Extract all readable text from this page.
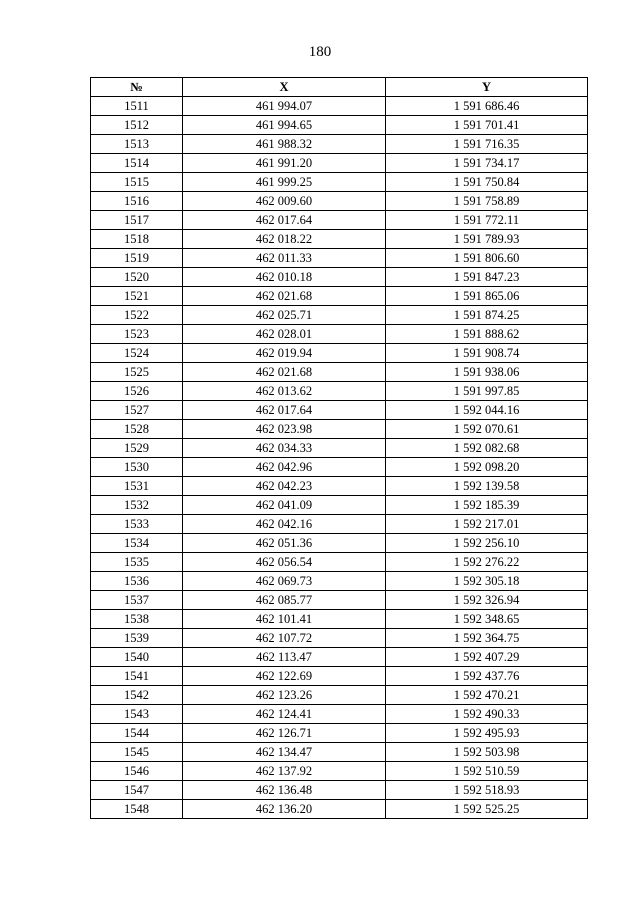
180
№	X	Y
1511	461 994.07	1 591 686.46
1512	461 994.65	1 591 701.41
1513	461 988.32	1 591 716.35
1514	461 991.20	1 591 734.17
1515	461 999.25	1 591 750.84
1516	462 009.60	1 591 758.89
1517	462 017.64	1 591 772.11
1518	462 018.22	1 591 789.93
1519	462 011.33	1 591 806.60
1520	462 010.18	1 591 847.23
1521	462 021.68	1 591 865.06
1522	462 025.71	1 591 874.25
1523	462 028.01	1 591 888.62
1524	462 019.94	1 591 908.74
1525	462 021.68	1 591 938.06
1526	462 013.62	1 591 997.85
1527	462 017.64	1 592 044.16
1528	462 023.98	1 592 070.61
1529	462 034.33	1 592 082.68
1530	462 042.96	1 592 098.20
1531	462 042.23	1 592 139.58
1532	462 041.09	1 592 185.39
1533	462 042.16	1 592 217.01
1534	462 051.36	1 592 256.10
1535	462 056.54	1 592 276.22
1536	462 069.73	1 592 305.18
1537	462 085.77	1 592 326.94
1538	462 101.41	1 592 348.65
1539	462 107.72	1 592 364.75
1540	462 113.47	1 592 407.29
1541	462 122.69	1 592 437.76
1542	462 123.26	1 592 470.21
1543	462 124.41	1 592 490.33
1544	462 126.71	1 592 495.93
1545	462 134.47	1 592 503.98
1546	462 137.92	1 592 510.59
1547	462 136.48	1 592 518.93
1548	462 136.20	1 592 525.25
